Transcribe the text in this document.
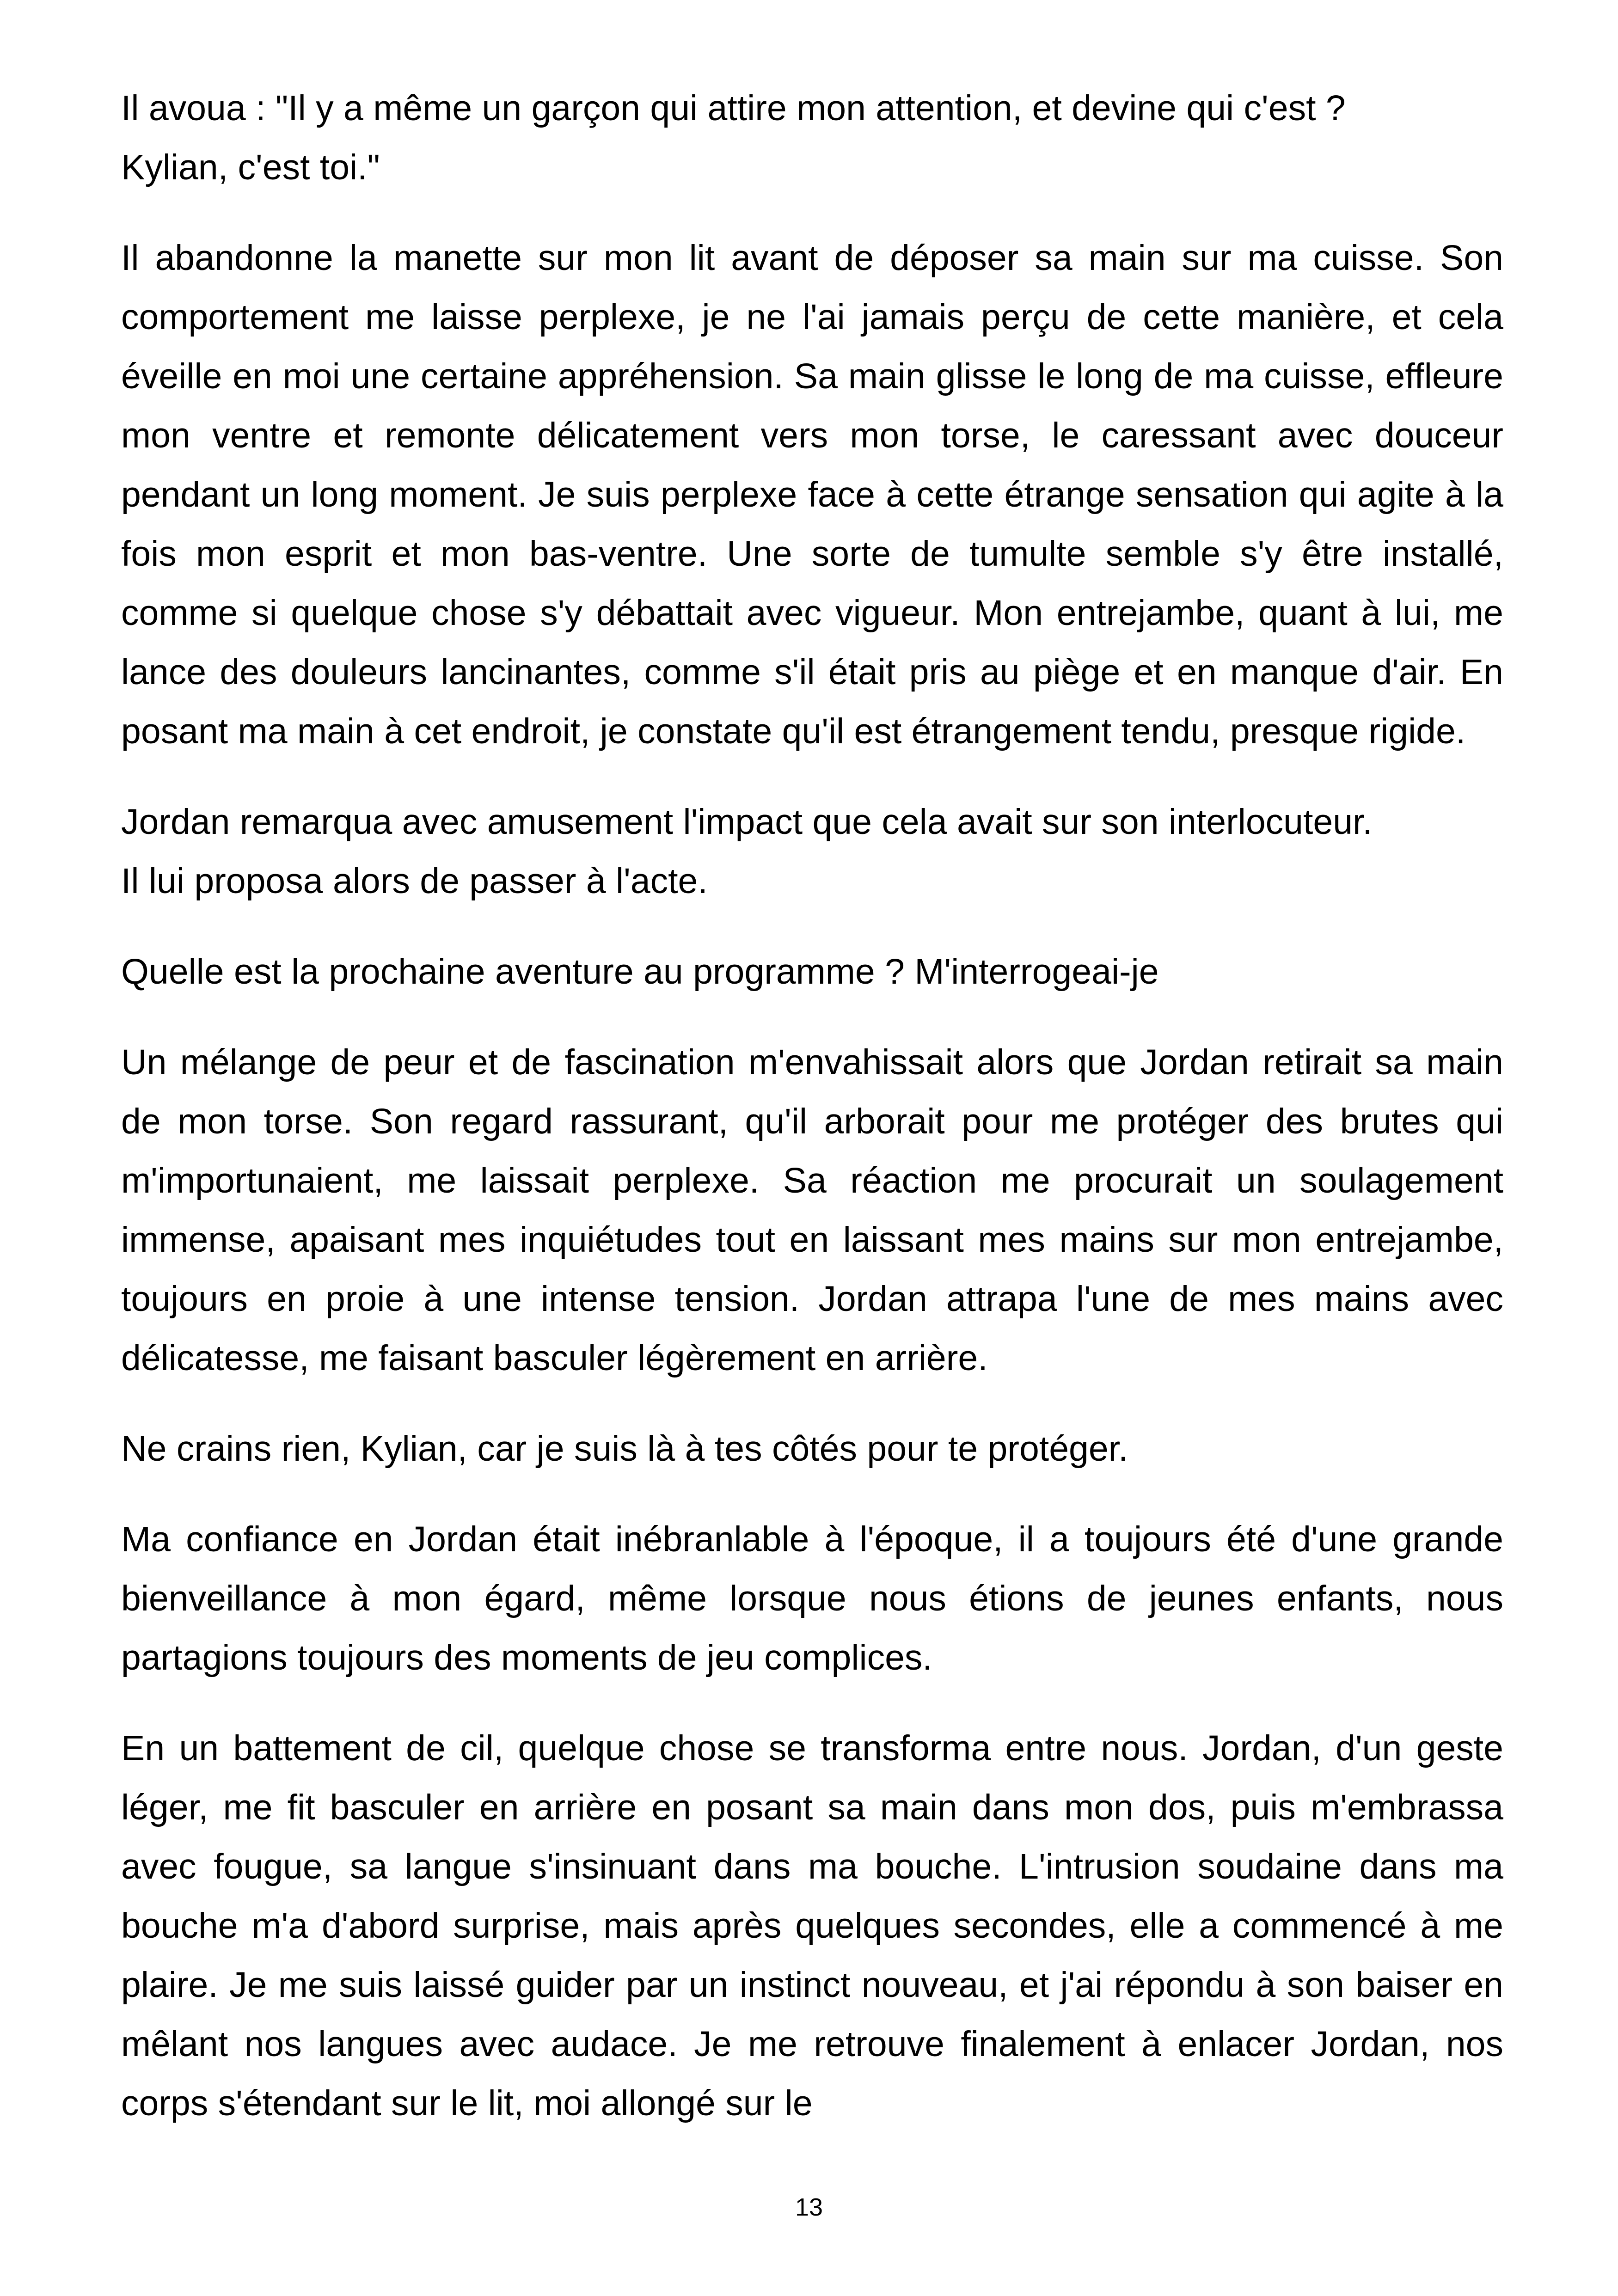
Il avoua : "Il y a même un garçon qui attire mon attention, et devine qui c'est ?
Kylian, c'est toi."

Il abandonne la manette sur mon lit avant de déposer sa main sur ma cuisse. Son comportement me laisse perplexe, je ne l'ai jamais perçu de cette manière, et cela éveille en moi une certaine appréhension. Sa main glisse le long de ma cuisse, effleure mon ventre et remonte délicatement vers mon torse, le caressant avec douceur pendant un long moment. Je suis perplexe face à cette étrange sensation qui agite à la fois mon esprit et mon bas-ventre. Une sorte de tumulte semble s'y être installé, comme si quelque chose s'y débattait avec vigueur. Mon entrejambe, quant à lui, me lance des douleurs lancinantes, comme s'il était pris au piège et en manque d'air. En posant ma main à cet endroit, je constate qu'il est étrangement tendu, presque rigide.

Jordan remarqua avec amusement l'impact que cela avait sur son interlocuteur.
Il lui proposa alors de passer à l'acte.

Quelle est la prochaine aventure au programme ? M'interrogeai-je

Un mélange de peur et de fascination m'envahissait alors que Jordan retirait sa main de mon torse. Son regard rassurant, qu'il arborait pour me protéger des brutes qui m'importunaient, me laissait perplexe. Sa réaction me procurait un soulagement immense, apaisant mes inquiétudes tout en laissant mes mains sur mon entrejambe, toujours en proie à une intense tension. Jordan attrapa l'une de mes mains avec délicatesse, me faisant basculer légèrement en arrière.

Ne crains rien, Kylian, car je suis là à tes côtés pour te protéger.

Ma confiance en Jordan était inébranlable à l'époque, il a toujours été d'une grande bienveillance à mon égard, même lorsque nous étions de jeunes enfants, nous partagions toujours des moments de jeu complices.

En un battement de cil, quelque chose se transforma entre nous. Jordan, d'un geste léger, me fit basculer en arrière en posant sa main dans mon dos, puis m'embrassa avec fougue, sa langue s'insinuant dans ma bouche. L'intrusion soudaine dans ma bouche m'a d'abord surprise, mais après quelques secondes, elle a commencé à me plaire. Je me suis laissé guider par un instinct nouveau, et j'ai répondu à son baiser en mêlant nos langues avec audace. Je me retrouve finalement à enlacer Jordan, nos corps s'étendant sur le lit, moi allongé sur le

13
